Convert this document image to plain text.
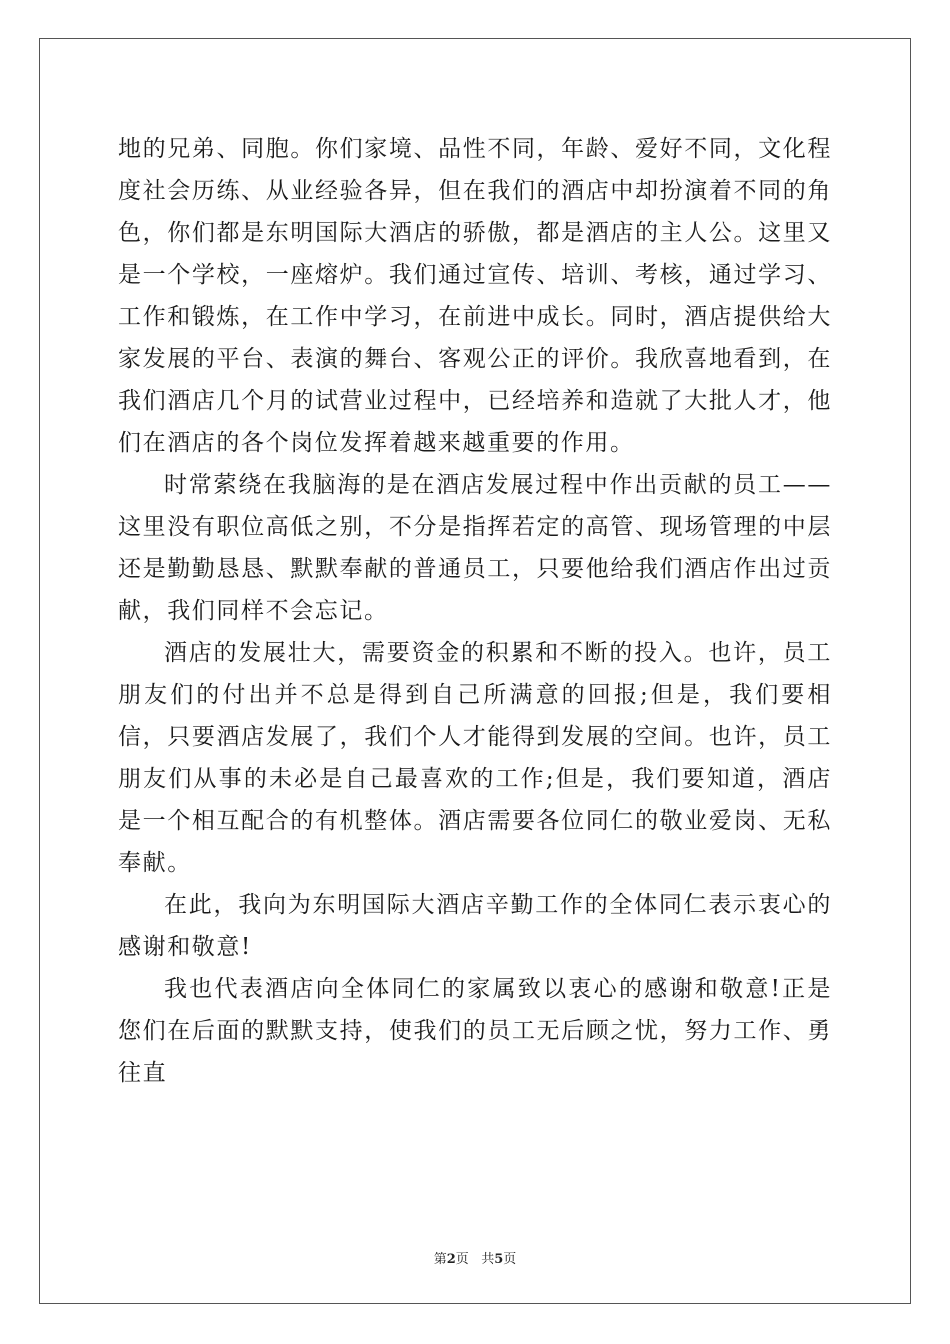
地的兄弟、同胞。你们家境、品性不同，年龄、爱好不同，文化程度社会历练、从业经验各异，但在我们的酒店中却扮演着不同的角色，你们都是东明国际大酒店的骄傲，都是酒店的主人公。这里又是一个学校，一座熔炉。我们通过宣传、培训、考核，通过学习、工作和锻炼，在工作中学习，在前进中成长。同时，酒店提供给大家发展的平台、表演的舞台、客观公正的评价。我欣喜地看到，在我们酒店几个月的试营业过程中，已经培养和造就了大批人才，他们在酒店的各个岗位发挥着越来越重要的作用。

时常萦绕在我脑海的是在酒店发展过程中作出贡献的员工——这里没有职位高低之别，不分是指挥若定的高管、现场管理的中层还是勤勤恳恳、默默奉献的普通员工，只要他给我们酒店作出过贡献，我们同样不会忘记。

酒店的发展壮大，需要资金的积累和不断的投入。也许，员工朋友们的付出并不总是得到自己所满意的回报;但是，我们要相信，只要酒店发展了，我们个人才能得到发展的空间。也许，员工朋友们从事的未必是自己最喜欢的工作;但是，我们要知道，酒店是一个相互配合的有机整体。酒店需要各位同仁的敬业爱岗、无私奉献。

在此，我向为东明国际大酒店辛勤工作的全体同仁表示衷心的感谢和敬意!

我也代表酒店向全体同仁的家属致以衷心的感谢和敬意!正是您们在后面的默默支持，使我们的员工无后顾之忧，努力工作、勇往直

第2页 共5页
